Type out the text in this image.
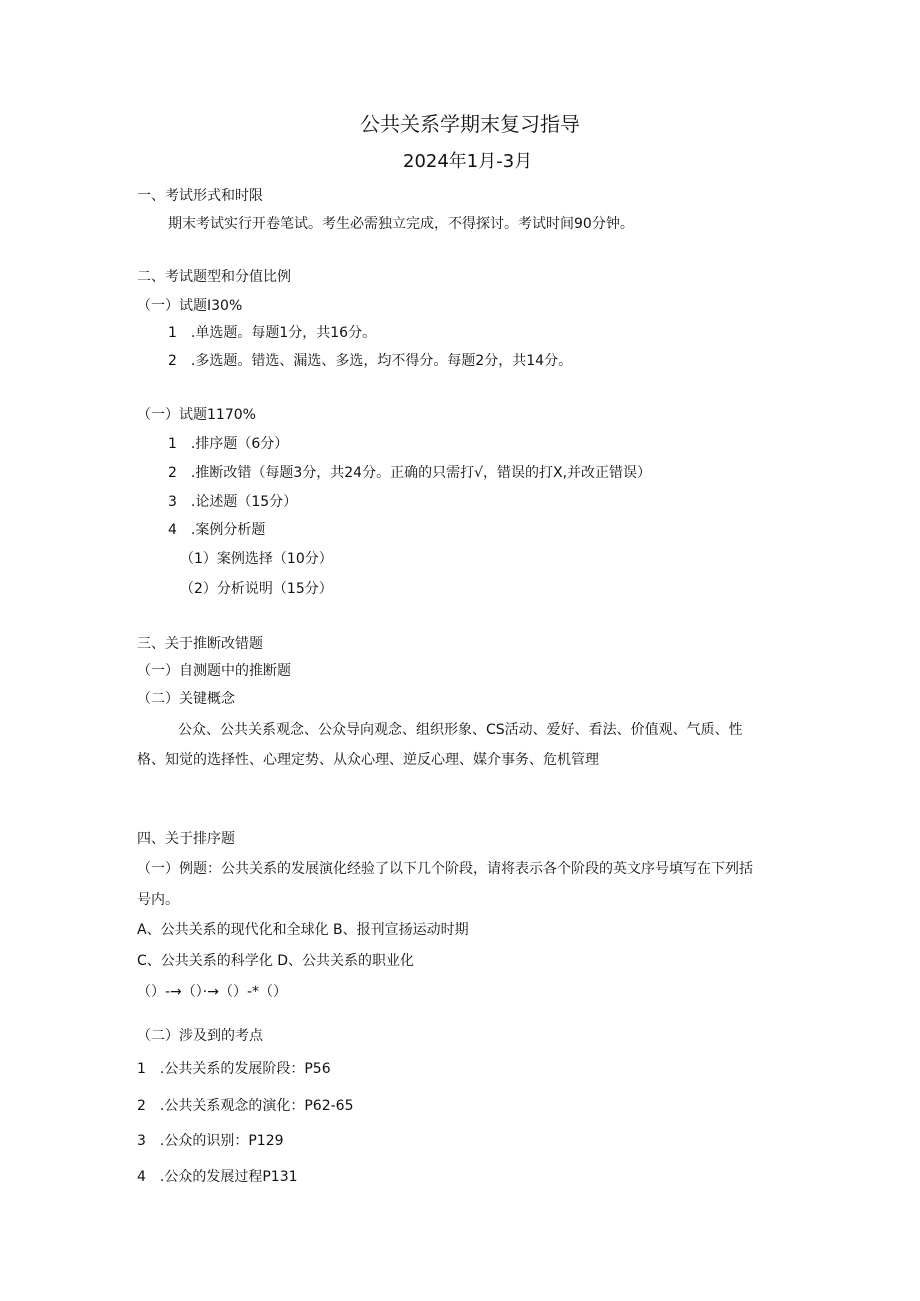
公共关系学期末复习指导
2024年1月-3月
一、考试形式和时限
期末考试实行开卷笔试。考生必需独立完成，不得探讨。考试时间90分钟。
二、考试题型和分值比例
（一）试题I30%
1　.单选题。每题1分，共16分。
2　.多选题。错选、漏选、多选，均不得分。每题2分，共14分。
（一）试题1170%
1　.排序题（6分）
2　.推断改错（每题3分，共24分。正确的只需打√，错误的打X,并改正错误）
3　.论述题（15分）
4　.案例分析题
（1）案例选择（10分）
（2）分析说明（15分）
三、关于推断改错题
（一）自测题中的推断题
（二）关键概念
公众、公共关系观念、公众导向观念、组织形象、CS活动、爱好、看法、价值观、气质、性
格、知觉的选择性、心理定势、从众心理、逆反心理、媒介事务、危机管理
四、关于排序题
（一）例题：公共关系的发展演化经验了以下几个阶段，请将表示各个阶段的英文序号填写在下列括
号内。
A、公共关系的现代化和全球化 B、报刊宣扬运动时期
C、公共关系的科学化 D、公共关系的职业化
（）-→（）·→（）-*（）
（二）涉及到的考点
1　.公共关系的发展阶段：P56
2　.公共关系观念的演化：P62-65
3　.公众的识别：P129
4　.公众的发展过程P131
